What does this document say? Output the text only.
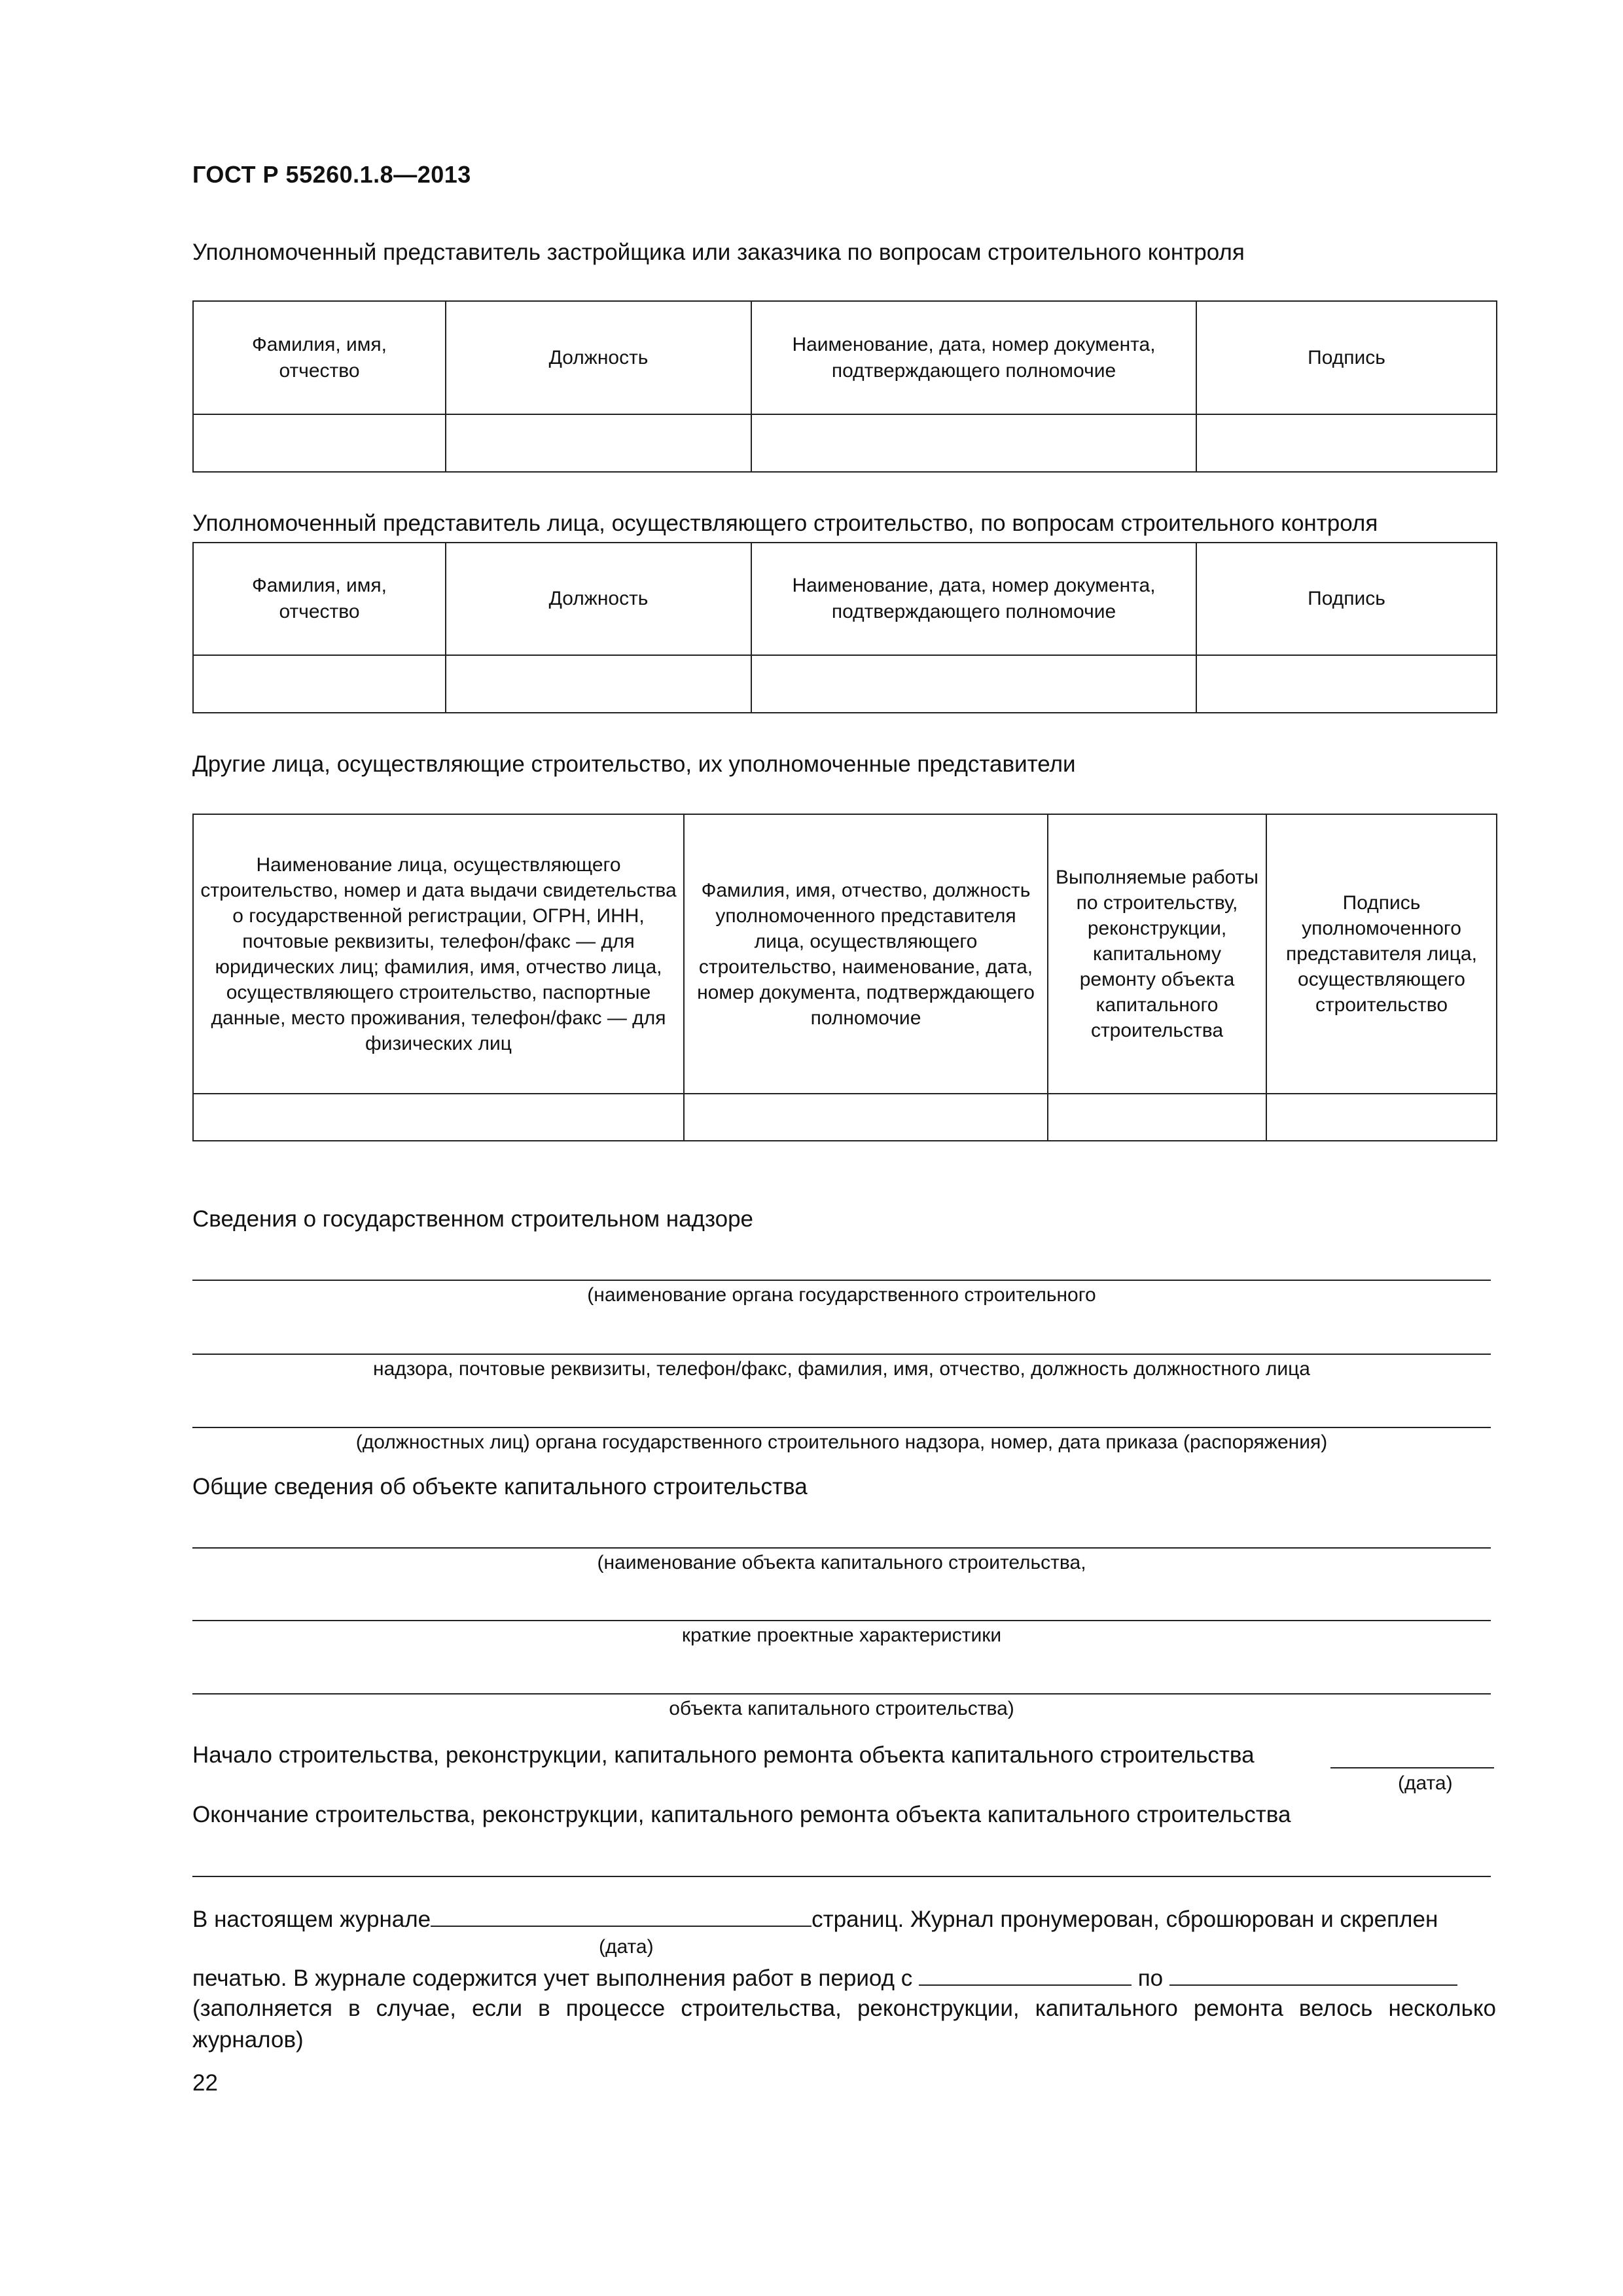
ГОСТ Р 55260.1.8—2013
Уполномоченный представитель застройщика или заказчика по вопросам строительного контроля
Фамилия, имя, отчество	Должность	Наименование, дата, номер документа, подтверждающего полномочие	Подпись

Уполномоченный представитель лица, осуществляющего строительство, по вопросам строительного контроля
Фамилия, имя, отчество	Должность	Наименование, дата, номер документа, подтверждающего полномочие	Подпись

Другие лица, осуществляющие строительство, их уполномоченные представители
Наименование лица, осуществляющего строительство, номер и дата выдачи свидетельства о государственной регистрации, ОГРН, ИНН, почтовые реквизиты, телефон/факс — для юридических лиц; фамилия, имя, отчество лица, осуществляющего строительство, паспортные данные, место проживания, телефон/факс — для физических лиц	Фамилия, имя, отчество, должность уполномоченного представителя лица, осуществляющего строительство, наименование, дата, номер документа, подтверждающего полномочие	Выполняемые работы по строительству, реконструкции, капитальному ремонту объекта капитального строительства	Подпись уполномоченного представителя лица, осуществляющего строительство

Сведения о государственном строительном надзоре
(наименование органа государственного строительного
надзора, почтовые реквизиты, телефон/факс, фамилия, имя, отчество, должность должностного лица
(должностных лиц) органа государственного строительного надзора, номер, дата приказа (распоряжения)
Общие сведения об объекте капитального строительства
(наименование объекта капитального строительства,
краткие проектные характеристики
объекта капитального строительства)
Начало строительства, реконструкции, капитального ремонта объекта капитального строительства
(дата)
Окончание строительства, реконструкции, капитального ремонта объекта капитального строительства
В настоящем журнале	страниц. Журнал пронумерован, сброшюрован и скреплен
(дата)
печатью. В журнале содержится учет выполнения работ в период с	по
(заполняется в случае, если в процессе строительства, реконструкции, капитального ремонта велось несколько журналов)
22
